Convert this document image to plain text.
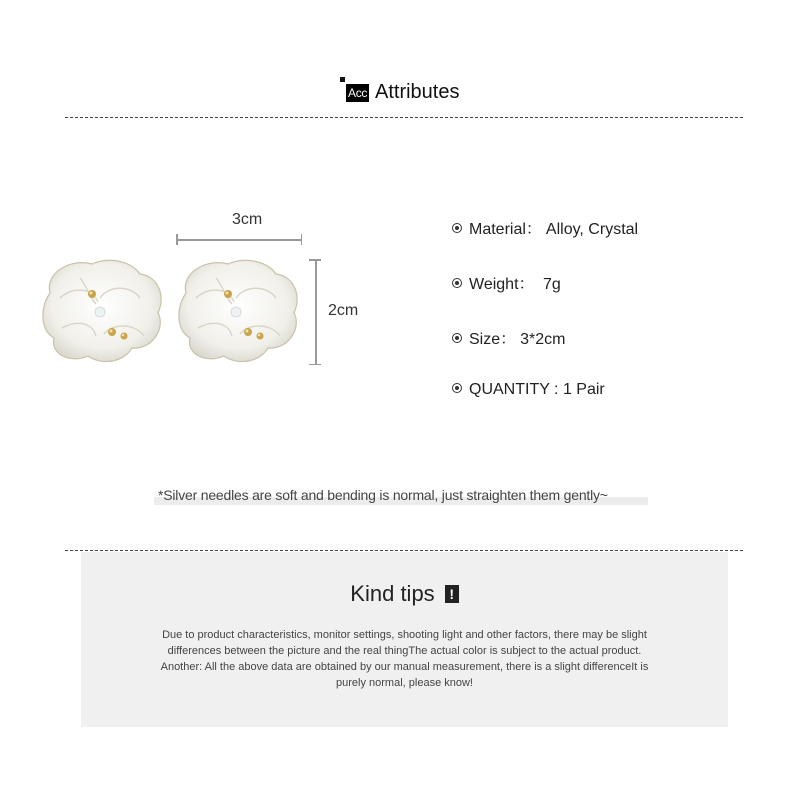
Acc Attributes
3cm
2cm
Material： Alloy, Crystal
Weight： 7g
Size： 3*2cm
QUANTITY : 1 Pair
*Silver needles are soft and bending is normal, just straighten them gently~
Kind tips !
Due to product characteristics, monitor settings, shooting light and other factors, there may be slight
differences between the picture and the real thingThe actual color is subject to the actual product.
Another: All the above data are obtained by our manual measurement, there is a slight differenceIt is
purely normal, please know!
